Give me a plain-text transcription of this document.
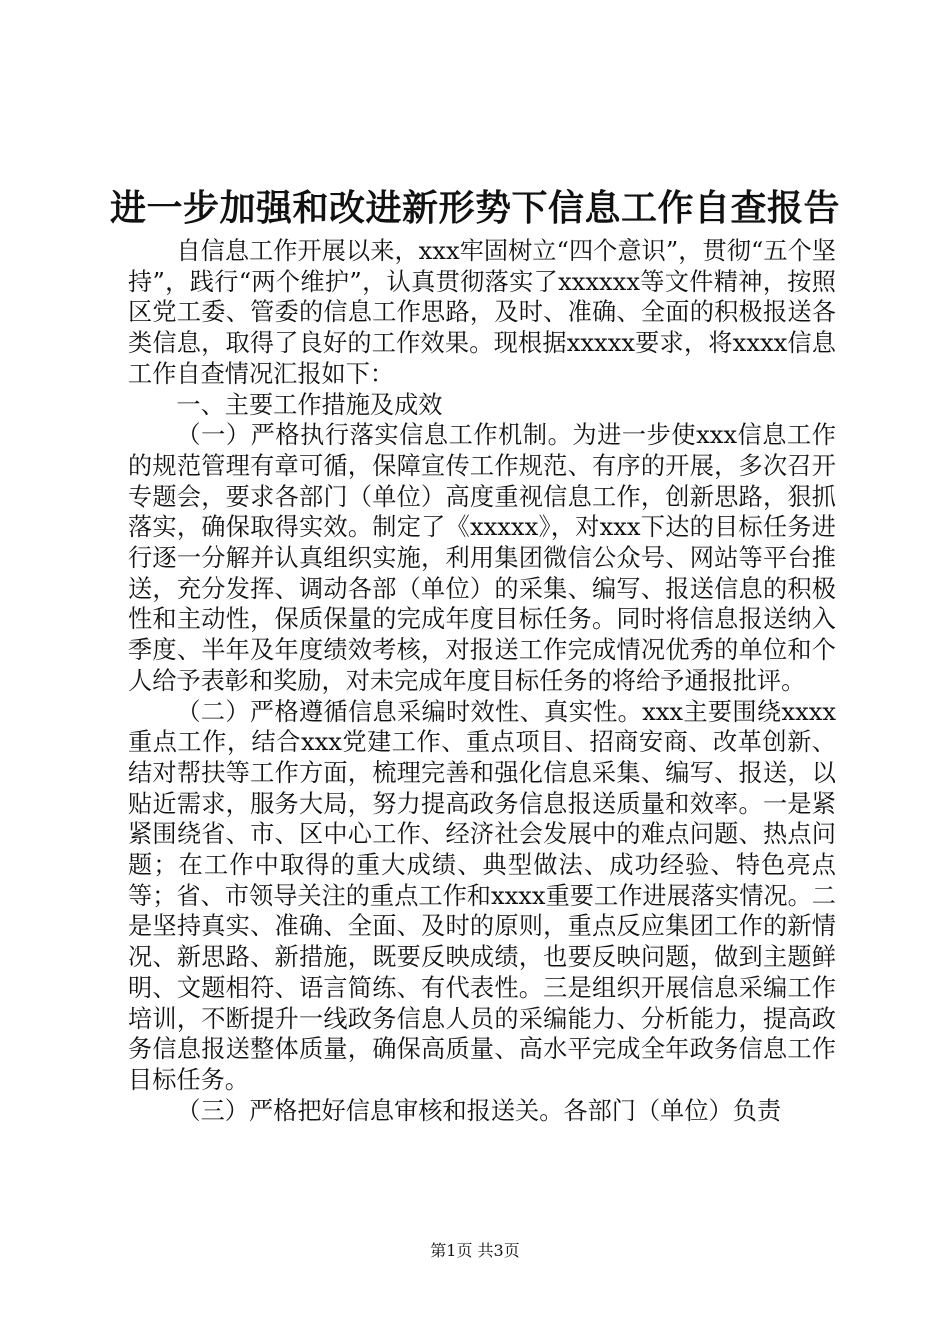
进一步加强和改进新形势下信息工作自查报告

自信息工作开展以来，xxx牢固树立“四个意识”，贯彻“五个坚持”，践行“两个维护”，认真贯彻落实了xxxxxx等文件精神，按照区党工委、管委的信息工作思路，及时、准确、全面的积极报送各类信息，取得了良好的工作效果。现根据xxxxx要求，将xxxx信息工作自查情况汇报如下：

一、主要工作措施及成效

（一）严格执行落实信息工作机制。为进一步使xxx信息工作的规范管理有章可循，保障宣传工作规范、有序的开展，多次召开专题会，要求各部门（单位）高度重视信息工作，创新思路，狠抓落实，确保取得实效。制定了《xxxxx》，对xxx下达的目标任务进行逐一分解并认真组织实施，利用集团微信公众号、网站等平台推送，充分发挥、调动各部（单位）的采集、编写、报送信息的积极性和主动性，保质保量的完成年度目标任务。同时将信息报送纳入季度、半年及年度绩效考核，对报送工作完成情况优秀的单位和个人给予表彰和奖励，对未完成年度目标任务的将给予通报批评。

（二）严格遵循信息采编时效性、真实性。xxx主要围绕xxxx重点工作，结合xxx党建工作、重点项目、招商安商、改革创新、结对帮扶等工作方面，梳理完善和强化信息采集、编写、报送，以贴近需求，服务大局，努力提高政务信息报送质量和效率。一是紧紧围绕省、市、区中心工作、经济社会发展中的难点问题、热点问题；在工作中取得的重大成绩、典型做法、成功经验、特色亮点等；省、市领导关注的重点工作和xxxx重要工作进展落实情况。二是坚持真实、准确、全面、及时的原则，重点反应集团工作的新情况、新思路、新措施，既要反映成绩，也要反映问题，做到主题鲜明、文题相符、语言简练、有代表性。三是组织开展信息采编工作培训，不断提升一线政务信息人员的采编能力、分析能力，提高政务信息报送整体质量，确保高质量、高水平完成全年政务信息工作目标任务。

（三）严格把好信息审核和报送关。各部门（单位）负责

第1页 共3页
